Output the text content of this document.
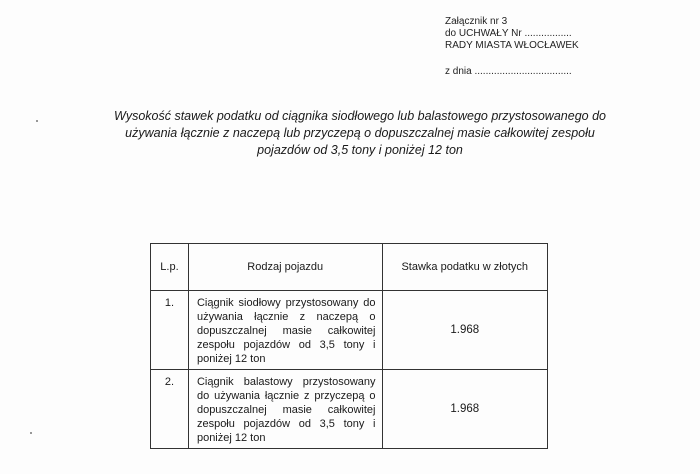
Załącznik nr 3
do UCHWAŁY Nr .................
RADY MIASTA WŁOCŁAWEK
z dnia ...................................
Wysokość stawek podatku od ciągnika siodłowego lub balastowego przystosowanego do używania łącznie z naczepą lub przyczepą o dopuszczalnej masie całkowitej zespołu pojazdów od 3,5 tony i poniżej 12 ton
L.p.	Rodzaj pojazdu	Stawka podatku w złotych
1.	Ciągnik siodłowy przystosowany do używania łącznie z naczepą o dopuszczalnej masie całkowitej zespołu pojazdów od 3,5 tony i poniżej 12 ton	1.968
2.	Ciągnik balastowy przystosowany do używania łącznie z przyczepą o dopuszczalnej masie całkowitej zespołu pojazdów od 3,5 tony i poniżej 12 ton	1.968
